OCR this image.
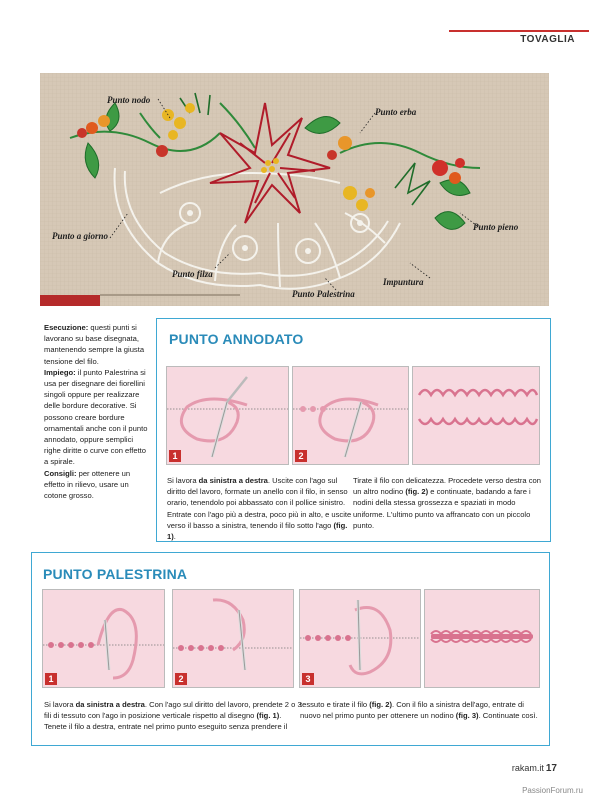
TOVAGLIA
Punto nodo
Punto erba
Punto a giorno
Punto pieno
Punto filza
Impuntura
Punto Palestrina
Esecuzione: questi punti si lavorano su base disegnata, mantenendo sempre la giusta tensione del filo.
Impiego: il punto Palestrina si usa per disegnare dei fiorellini singoli oppure per realizzare delle bordure decorative. Si possono creare bordure ornamentali anche con il punto annodato, oppure semplici righe diritte o curve con effetto a spirale.
Consigli: per ottenere un effetto in rilievo, usare un cotone grosso.
PUNTO ANNODATO
1	2
Si lavora da sinistra a destra. Uscite con l'ago sul diritto del lavoro, formate un anello con il filo, in senso orario, tenendolo poi abbassato con il pollice sinistro. Entrate con l'ago più a destra, poco più in alto, e uscite verso il basso a sinistra, tenendo il filo sotto l'ago (fig. 1).
Tirate il filo con delicatezza. Procedete verso destra con un altro nodino (fig. 2) e continuate, badando a fare i nodini della stessa grossezza e spaziati in modo uniforme. L'ultimo punto va affrancato con un piccolo punto.
PUNTO PALESTRINA
1	2	3
Si lavora da sinistra a destra. Con l'ago sul diritto del lavoro, prendete 2 o 3 fili di tessuto con l'ago in posizione verticale rispetto al disegno (fig. 1). Tenete il filo a destra, entrate nel primo punto eseguito senza prendere il
tessuto e tirate il filo (fig. 2). Con il filo a sinistra dell'ago, entrate di nuovo nel primo punto per ottenere un nodino (fig. 3). Continuate così.
rakam.it 17
PassionForum.ru
